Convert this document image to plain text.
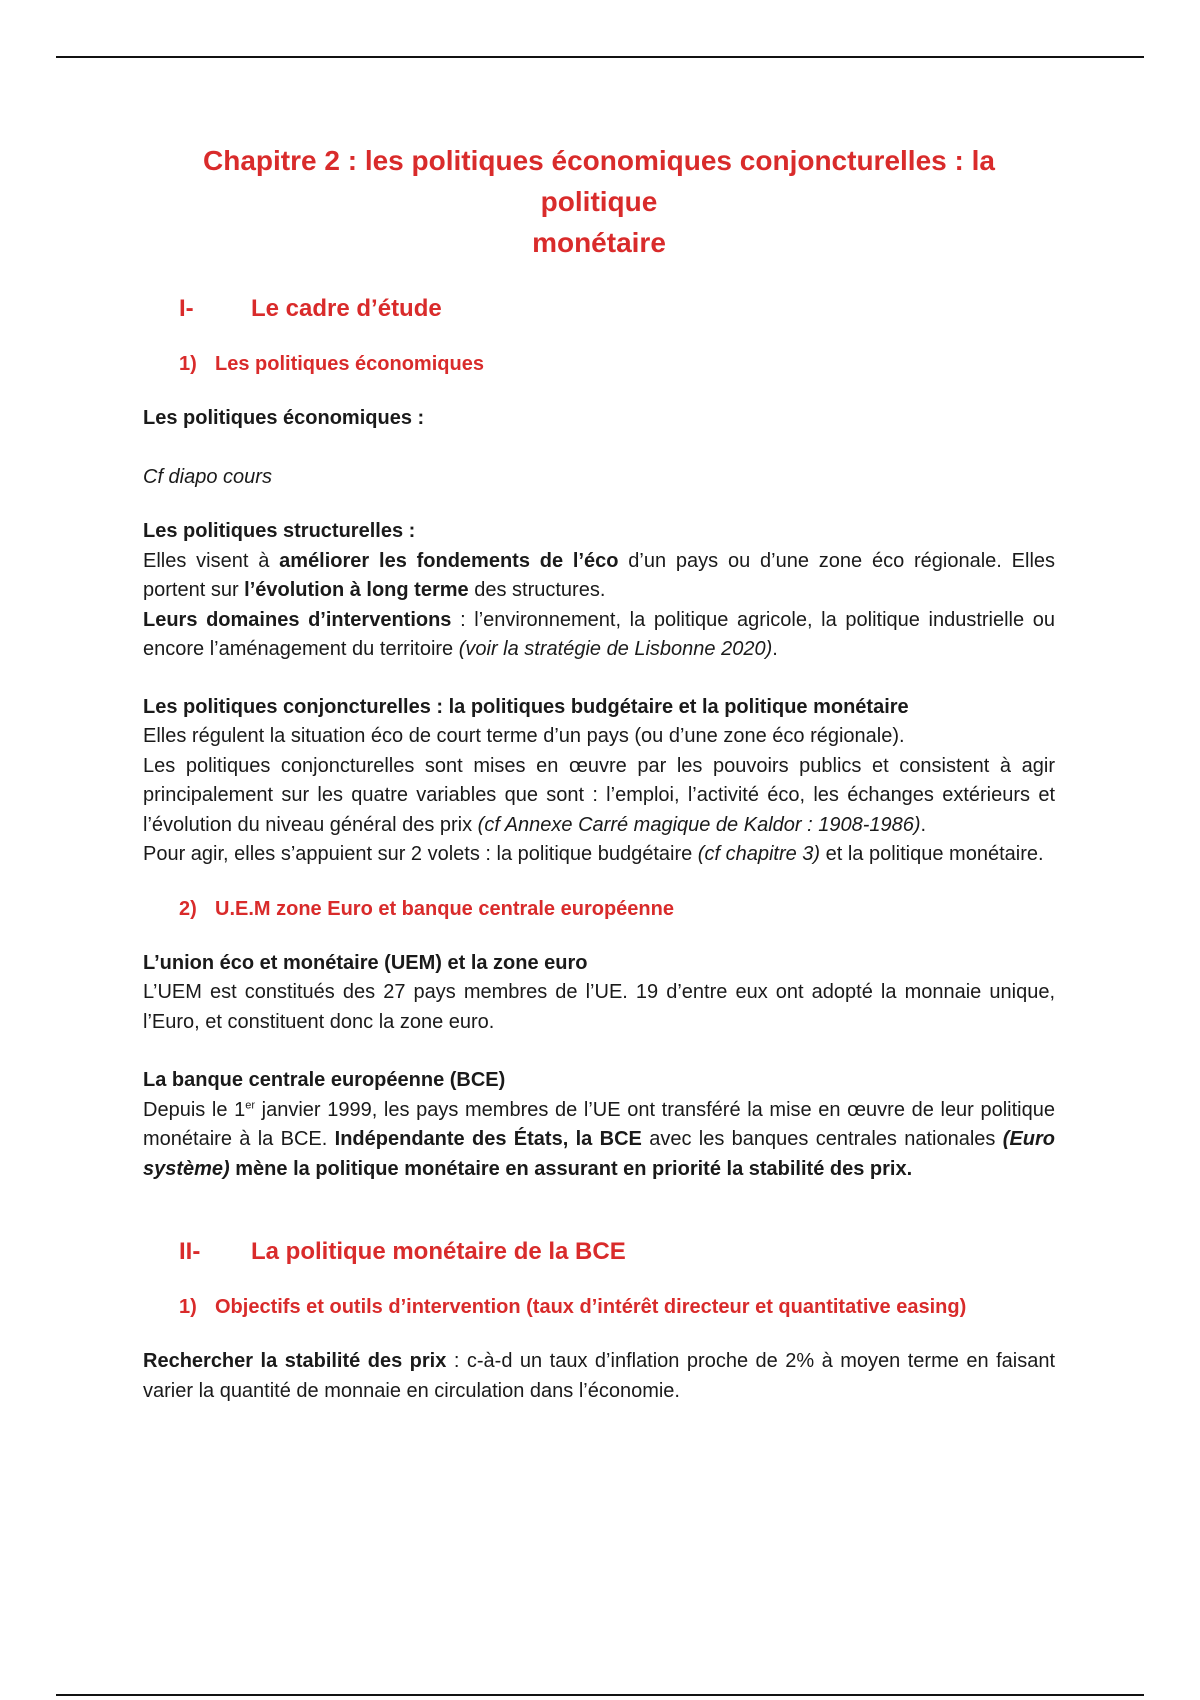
Chapitre 2 : les politiques économiques conjoncturelles : la politique
monétaire
I-	Le cadre d’étude
1) Les politiques économiques

Les politiques économiques :

Cf diapo cours

Les politiques structurelles :

Elles visent à améliorer les fondements de l’éco d’un pays ou d’une zone éco régionale. Elles portent sur l’évolution à long terme des structures.
Leurs domaines d’interventions : l’environnement, la politique agricole, la politique industrielle ou encore l’aménagement du territoire (voir la stratégie de Lisbonne 2020).

Les politiques conjoncturelles : la politiques budgétaire et la politique monétaire

Elles régulent la situation éco de court terme d’un pays (ou d’une zone éco régionale).

Les politiques conjoncturelles sont mises en œuvre par les pouvoirs publics et consistent à agir principalement sur les quatre variables que sont : l’emploi, l’activité éco, les échanges extérieurs et l’évolution du niveau général des prix (cf Annexe Carré magique de Kaldor : 1908-1986).

Pour agir, elles s’appuient sur 2 volets : la politique budgétaire (cf chapitre 3) et la politique monétaire.

2) U.E.M zone Euro et banque centrale européenne

L’union éco et monétaire (UEM) et la zone euro

L’UEM est constitués des 27 pays membres de l’UE. 19 d’entre eux ont adopté la monnaie unique, l’Euro, et constituent donc la zone euro.

La banque centrale européenne (BCE)

Depuis le 1er janvier 1999, les pays membres de l’UE ont transféré la mise en œuvre de leur politique monétaire à la BCE. Indépendante des États, la BCE avec les banques centrales nationales (Euro système) mène la politique monétaire en assurant en priorité la stabilité des prix.

II-	La politique monétaire de la BCE
1) Objectifs et outils d’intervention (taux d’intérêt directeur et quantitative easing)

Rechercher la stabilité des prix : c-à-d un taux d’inflation proche de 2% à moyen terme en faisant varier la quantité de monnaie en circulation dans l’économie.
